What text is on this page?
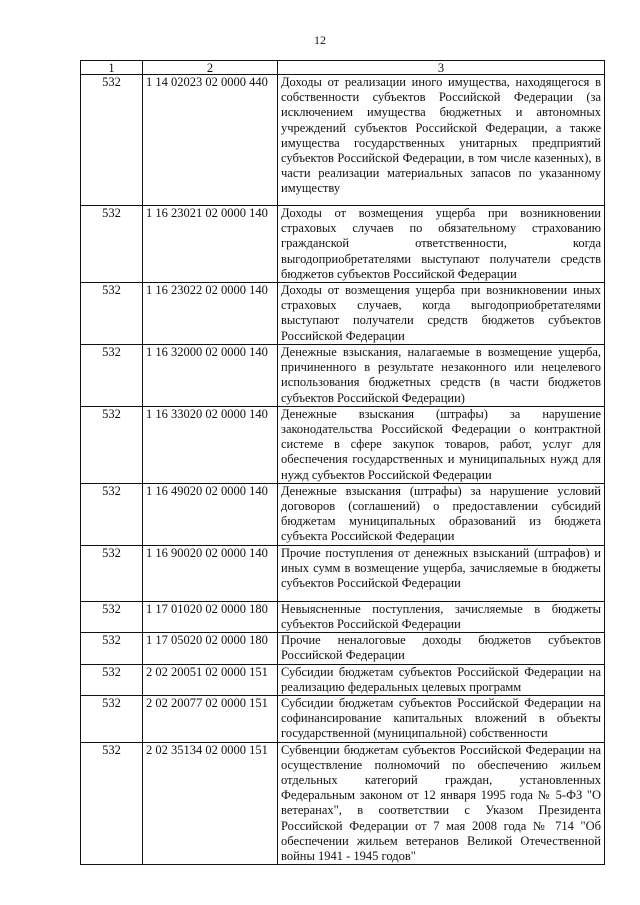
12
1	2	3
532	1 14 02023 02 0000 440	Доходы от реализации иного имущества, находящегося в собственности субъектов Российской Федерации (за исключением имущества бюджетных и автономных учреждений субъектов Российской Федерации, а также имущества государственных унитарных предприятий субъектов Российской Федерации, в том числе казенных), в части реализации материальных запасов по указанному имуществу
532	1 16 23021 02 0000 140	Доходы от возмещения ущерба при возникновении страховых случаев по обязательному страхованию гражданской ответственности, когда выгодоприобретателями выступают получатели средств бюджетов субъектов Российской Федерации
532	1 16 23022 02 0000 140	Доходы от возмещения ущерба при возникновении иных страховых случаев, когда выгодоприобретателями выступают получатели средств бюджетов субъектов Российской Федерации
532	1 16 32000 02 0000 140	Денежные взыскания, налагаемые в возмещение ущерба, причиненного в результате незаконного или нецелевого использования бюджетных средств (в части бюджетов субъектов Российской Федерации)
532	1 16 33020 02 0000 140	Денежные взыскания (штрафы) за нарушение законодательства Российской Федерации о контрактной системе в сфере закупок товаров, работ, услуг для обеспечения государственных и муниципальных нужд для нужд субъектов Российской Федерации
532	1 16 49020 02 0000 140	Денежные взыскания (штрафы) за нарушение условий договоров (соглашений) о предоставлении субсидий бюджетам муниципальных образований из бюджета субъекта Российской Федерации
532	1 16 90020 02 0000 140	Прочие поступления от денежных взысканий (штрафов) и иных сумм в возмещение ущерба, зачисляемые в бюджеты субъектов Российской Федерации
532	1 17 01020 02 0000 180	Невыясненные поступления, зачисляемые в бюджеты субъектов Российской Федерации
532	1 17 05020 02 0000 180	Прочие неналоговые доходы бюджетов субъектов Российской Федерации
532	2 02 20051 02 0000 151	Субсидии бюджетам субъектов Российской Федерации на реализацию федеральных целевых программ
532	2 02 20077 02 0000 151	Субсидии бюджетам субъектов Российской Федерации на софинансирование капитальных вложений в объекты государственной (муниципальной) собственности
532	2 02 35134 02 0000 151	Субвенции бюджетам субъектов Российской Федерации на осуществление полномочий по обеспечению жильем отдельных категорий граждан, установленных Федеральным законом от 12 января 1995 года № 5-ФЗ "О ветеранах", в соответствии с Указом Президента Российской Федерации от 7 мая 2008 года № 714 "Об обеспечении жильем ветеранов Великой Отечественной войны 1941 - 1945 годов"
